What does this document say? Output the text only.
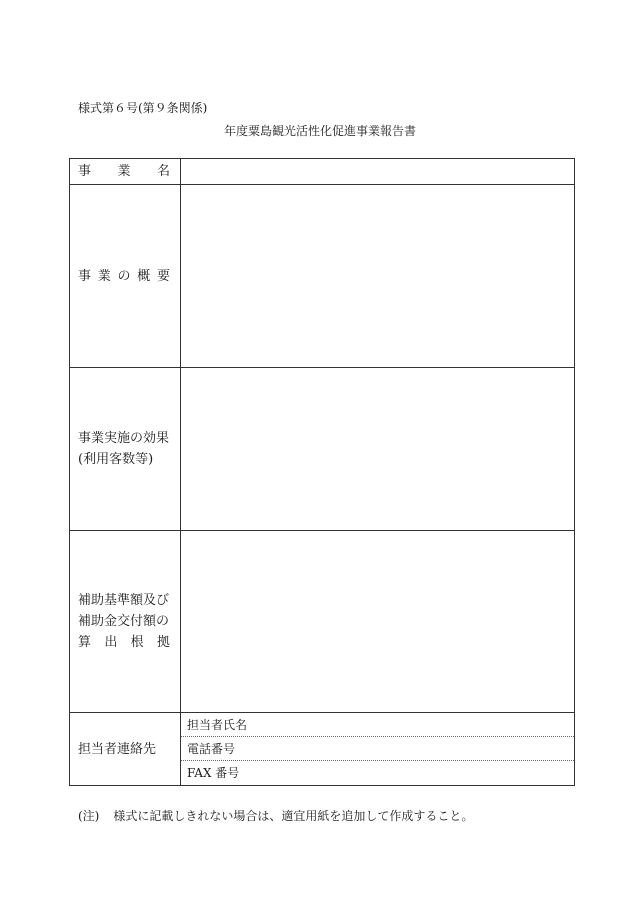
様式第６号(第９条関係)
年度粟島観光活性化促進事業報告書
事 業 名
事 業 の 概 要
事業実施の効果
(利用客数等)
補助基準額及び
補助金交付額の
算 出 根 拠
担当者連絡先
担当者氏名
電話番号
FAX 番号
(注) 様式に記載しきれない場合は、適宜用紙を追加して作成すること。
